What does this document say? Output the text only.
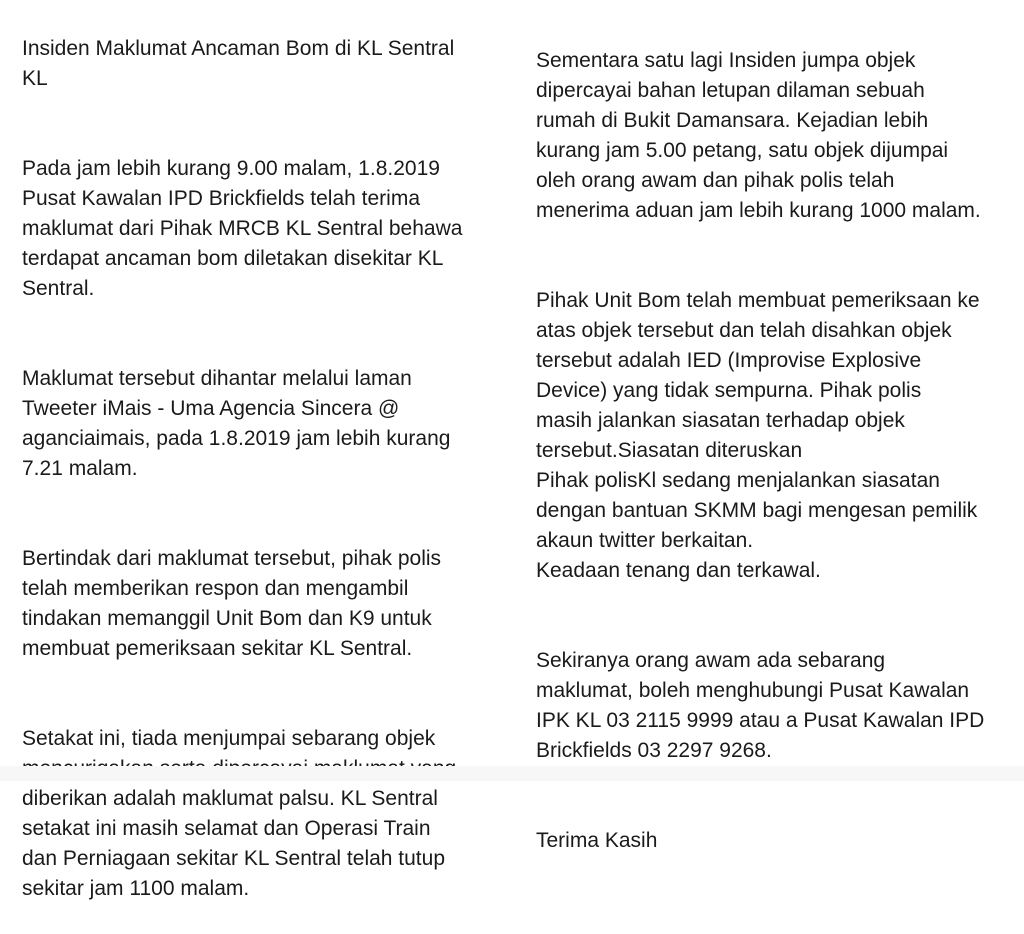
Insiden Maklumat Ancaman Bom di KL Sentral
KL

Pada jam lebih kurang 9.00 malam, 1.8.2019
Pusat Kawalan IPD Brickfields telah terima
maklumat dari Pihak MRCB KL Sentral behawa
terdapat ancaman bom diletakan disekitar KL
Sentral.

Maklumat tersebut dihantar melalui laman
Tweeter iMais - Uma Agencia Sincera @
aganciaimais, pada 1.8.2019 jam lebih kurang
7.21 malam.

Bertindak dari maklumat tersebut, pihak polis
telah memberikan respon dan mengambil
tindakan memanggil Unit Bom dan K9 untuk
membuat pemeriksaan sekitar KL Sentral.

Setakat ini, tiada menjumpai sebarang objek

diberikan adalah maklumat palsu. KL Sentral
setakat ini masih selamat dan Operasi Train
dan Perniagaan sekitar KL Sentral telah tutup
sekitar jam 1100 malam.

Sementara satu lagi Insiden jumpa objek
dipercayai bahan letupan dilaman sebuah
rumah di Bukit Damansara. Kejadian lebih
kurang jam 5.00 petang, satu objek dijumpai
oleh orang awam dan pihak polis telah
menerima aduan jam lebih kurang 1000 malam.

Pihak Unit Bom telah membuat pemeriksaan ke
atas objek tersebut dan telah disahkan objek
tersebut adalah IED (Improvise Explosive
Device) yang tidak sempurna. Pihak polis
masih jalankan siasatan terhadap objek
tersebut.Siasatan diteruskan
Pihak polisKl sedang menjalankan siasatan
dengan bantuan SKMM bagi mengesan pemilik
akaun twitter berkaitan.
Keadaan tenang dan terkawal.

Sekiranya orang awam ada sebarang
maklumat, boleh menghubungi Pusat Kawalan
IPK KL 03 2115 9999 atau a Pusat Kawalan IPD
Brickfields 03 2297 9268.

Terima Kasih
